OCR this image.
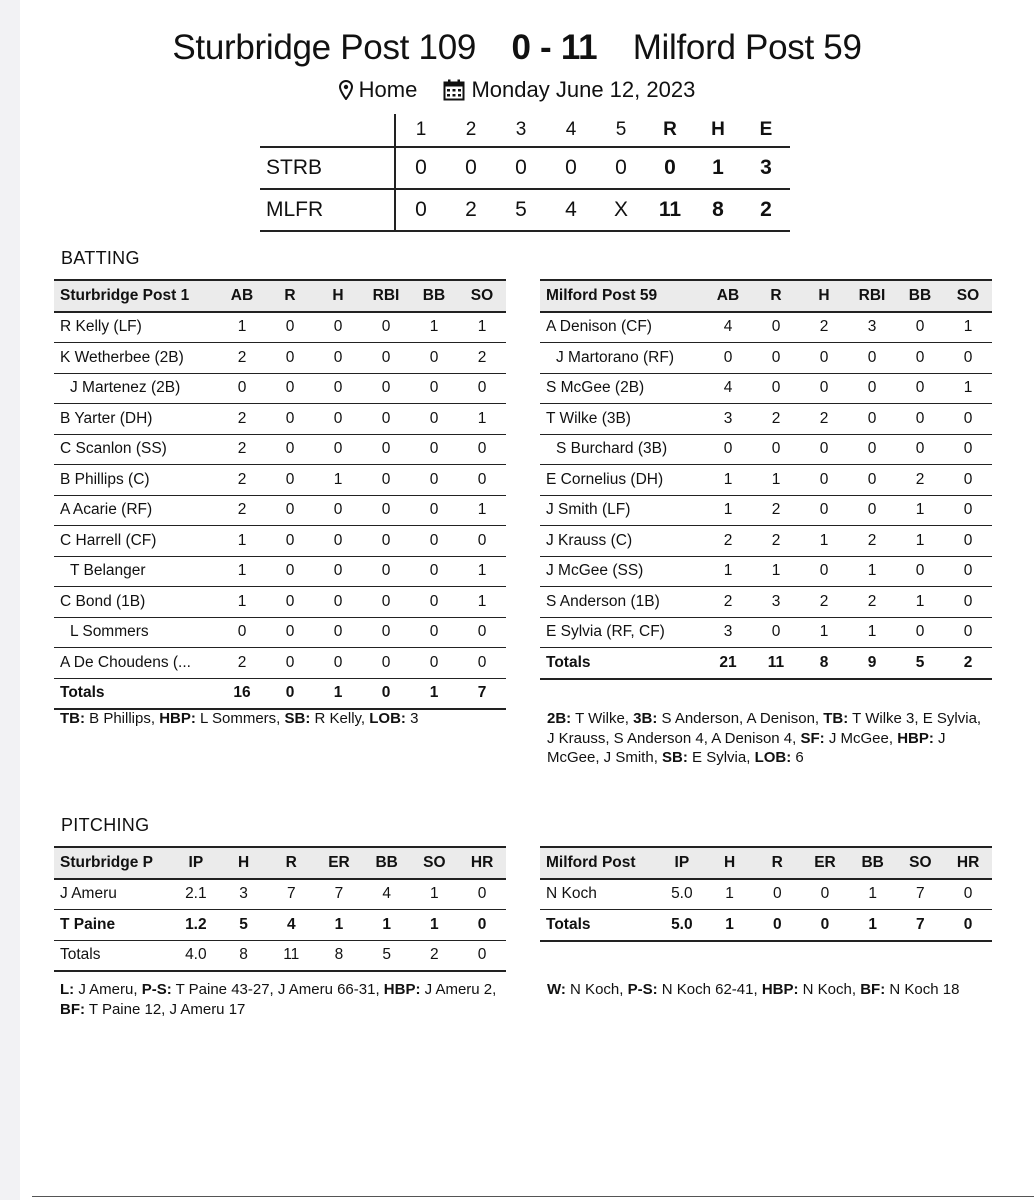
Sturbridge Post 109 0 - 11 Milford Post 59
Home
Monday June 12, 2023
	1	2	3	4	5	R	H	E
STRB	0	0	0	0	0	0	1	3
MLFR	0	2	5	4	X	11	8	2
BATTING
Sturbridge Post 1	AB	R	H	RBI	BB	SO
R Kelly (LF)	1	0	0	0	1	1
K Wetherbee (2B)	2	0	0	0	0	2
J Martenez (2B)	0	0	0	0	0	0
B Yarter (DH)	2	0	0	0	0	1
C Scanlon (SS)	2	0	0	0	0	0
B Phillips (C)	2	0	1	0	0	0
A Acarie (RF)	2	0	0	0	0	1
C Harrell (CF)	1	0	0	0	0	0
T Belanger	1	0	0	0	0	1
C Bond (1B)	1	0	0	0	0	1
L Sommers	0	0	0	0	0	0
A De Choudens (...	2	0	0	0	0	0
Totals	16	0	1	0	1	7
Milford Post 59	AB	R	H	RBI	BB	SO
A Denison (CF)	4	0	2	3	0	1
J Martorano (RF)	0	0	0	0	0	0
S McGee (2B)	4	0	0	0	0	1
T Wilke (3B)	3	2	2	0	0	0
S Burchard (3B)	0	0	0	0	0	0
E Cornelius (DH)	1	1	0	0	2	0
J Smith (LF)	1	2	0	0	1	0
J Krauss (C)	2	2	1	2	1	0
J McGee (SS)	1	1	0	1	0	0
S Anderson (1B)	2	3	2	2	1	0
E Sylvia (RF, CF)	3	0	1	1	0	0
Totals	21	11	8	9	5	2
TB: B Phillips, HBP: L Sommers, SB: R Kelly, LOB: 3	2B: T Wilke, 3B: S Anderson, A Denison, TB: T Wilke 3, E Sylvia, J Krauss, S Anderson 4, A Denison 4, SF: J McGee, HBP: J McGee, J Smith, SB: E Sylvia, LOB: 6
PITCHING
Sturbridge P	IP	H	R	ER	BB	SO	HR
J Ameru	2.1	3	7	7	4	1	0
T Paine	1.2	5	4	1	1	1	0
Totals	4.0	8	11	8	5	2	0
Milford Post	IP	H	R	ER	BB	SO	HR
N Koch	5.0	1	0	0	1	7	0
Totals	5.0	1	0	0	1	7	0
L: J Ameru, P-S: T Paine 43-27, J Ameru 66-31, HBP: J Ameru 2, BF: T Paine 12, J Ameru 17
W: N Koch, P-S: N Koch 62-41, HBP: N Koch, BF: N Koch 18
